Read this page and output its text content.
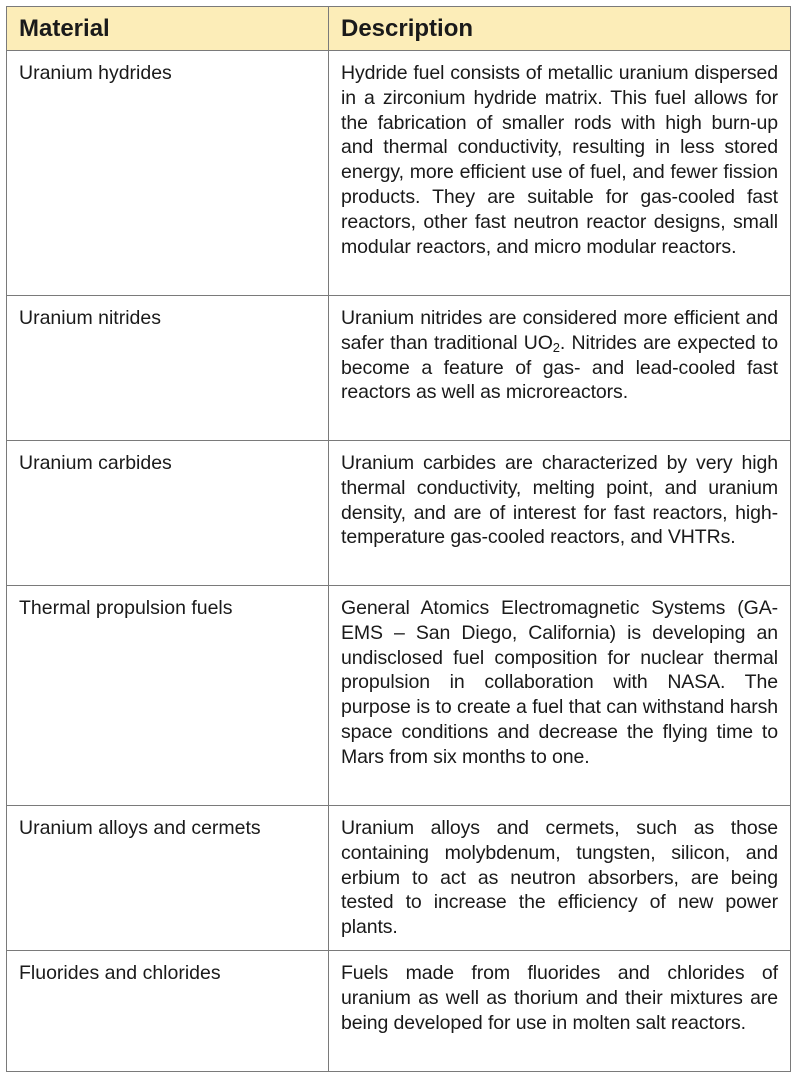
Material	Description
Uranium hydrides	Hydride fuel consists of metallic uranium dispersed in a zirconium hydride matrix. This fuel allows for the fabrication of smaller rods with high burn-up and thermal conductivity, resulting in less stored energy, more efficient use of fuel, and fewer fission products. They are suitable for gas-cooled fast reactors, other fast neutron reactor designs, small modular reactors, and micro modular reactors.
Uranium nitrides	Uranium nitrides are considered more efficient and safer than traditional $UO_2$. Nitrides are expected to become a feature of gas- and lead-cooled fast reactors as well as microreactors.
Uranium carbides	Uranium carbides are characterized by very high thermal conductivity, melting point, and uranium density, and are of interest for fast reactors, high-temperature gas-cooled reactors, and VHTRs.
Thermal propulsion fuels	General Atomics Electromagnetic Systems (GA-EMS – San Diego, California) is developing an undisclosed fuel composition for nuclear thermal propulsion in collaboration with NASA. The purpose is to create a fuel that can withstand harsh space conditions and decrease the flying time to Mars from six months to one.
Uranium alloys and cermets	Uranium alloys and cermets, such as those containing molybdenum, tungsten, silicon, and erbium to act as neutron absorbers, are being tested to increase the efficiency of new power plants.
Fluorides and chlorides	Fuels made from fluorides and chlorides of uranium as well as thorium and their mixtures are being developed for use in molten salt reactors.
